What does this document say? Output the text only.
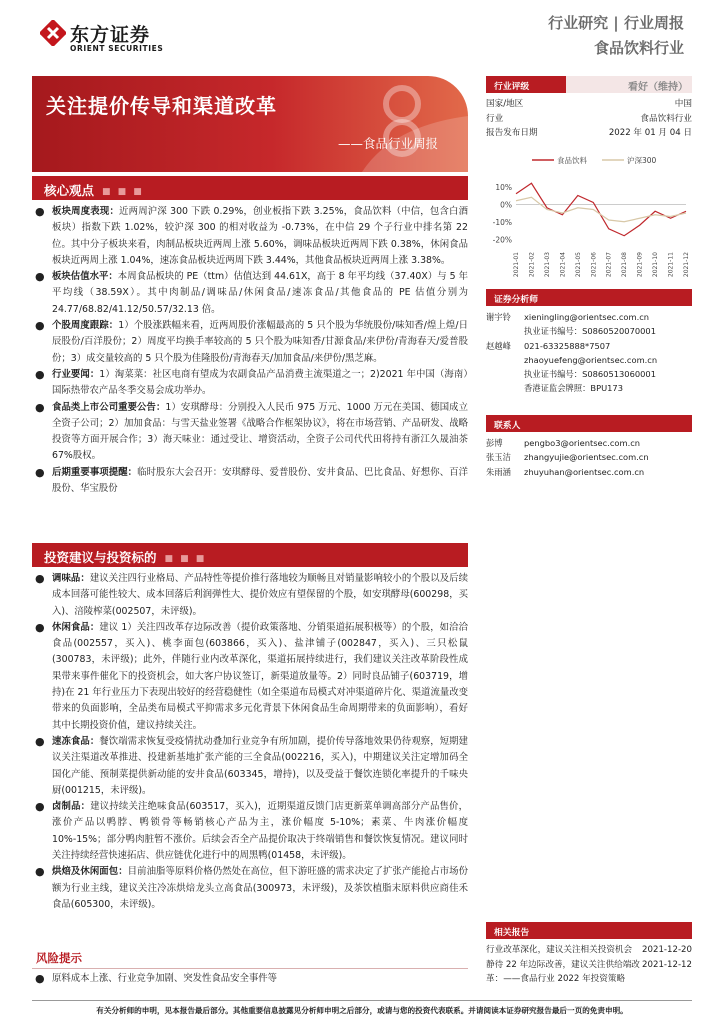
东方证券
ORIENT SECURITIES
行业研究 | 行业周报
食品饮料行业
关注提价传导和渠道改革
——食品行业周报
核心观点 ■ ■ ■
● 板块周度表现：近两周沪深 300 下跌 0.29%，创业板指下跌 3.25%，食品饮料（中信，包含白酒板块）指数下跌 1.02%，较沪深 300 的相对收益为 -0.73%，在中信 29 个子行业中排名第 22 位。其中分子板块来看，肉制品板块近两周上涨 5.60%，调味品板块近两周下跌 0.38%，休闲食品板块近两周上涨 1.04%，速冻食品板块近两周下跌 3.44%，其他食品板块近两周上涨 3.38%。
● 板块估值水平：本周食品板块的 PE（ttm）估值达到 44.61X，高于 8 年平均线（37.40X）与 5 年平均线（38.59X）。其中肉制品/调味品/休闲食品/速冻食品/其他食品的 PE 估值分别为 24.77/68.82/41.12/50.57/32.13 倍。
● 个股周度跟踪：1）个股涨跌幅来看，近两周股价涨幅最高的 5 只个股为华统股份/味知香/煌上煌/日辰股份/百洋股份；2）周度平均换手率较高的 5 只个股为味知香/甘源食品/来伊份/青海春天/爱普股份；3）成交量较高的 5 只个股为佳隆股份/青海春天/加加食品/来伊份/黑芝麻。
● 行业要闻：1）淘菜菜：社区电商有望成为农副食品产品消费主流渠道之一；2)2021 年中国（海南）国际热带农产品冬季交易会成功举办。
● 食品类上市公司重要公告：1）安琪酵母：分别投入人民币 975 万元、1000 万元在美国、德国成立全资子公司；2）加加食品：与雪天盐业签署《战略合作框架协议》，将在市场营销、产品研发、战略投资等方面开展合作；3）海天味业：通过受让、增资活动，全资子公司代代田将持有浙江久晟油茶 67%股权。
● 后期重要事项提醒：临时股东大会召开：安琪酵母、爱普股份、安井食品、巴比食品、好想你、百洋股份、华宝股份
投资建议与投资标的 ■ ■ ■
● 调味品：建议关注四行业格局、产品特性等提价推行落地较为顺畅且对销量影响较小的个股以及后续成本回落可能性较大、成本回落后利润弹性大、提价效应有望保留的个股，如安琪酵母(600298，买入)、涪陵榨菜(002507，未评级)。
● 休闲食品：建议 1）关注四改革存边际改善（提价政策落地、分销渠道拓展积极等）的个股，如洽洽食品(002557，买入)、桃李面包(603866，买入)、盐津铺子(002847，买入)、三只松鼠(300783，未评级)；此外，伴随行业内改革深化，渠道拓展持续进行，我们建议关注改革阶段性成果带来事件催化下的投资机会，如大客户协议签订，新渠道放量等。2）同时良品铺子(603719，增持)在 21 年行业压力下表现出较好的经营稳健性（如全渠道布局模式对冲渠道碎片化、渠道流量改变带来的负面影响，全品类布局模式平抑需求多元化背景下休闲食品生命周期带来的负面影响），看好其中长期投资价值，建议持续关注。
● 速冻食品：餐饮端需求恢复受疫情扰动叠加行业竞争有所加剧，提价传导落地效果仍待观察，短期建议关注渠道改革推进、投建新基地扩张产能的三全食品(002216，买入)，中期建议关注定增加码全国化产能、预制菜提供新动能的安井食品(603345，增持)，以及受益于餐饮连锁化率提升的千味央厨(001215，未评级)。
● 卤制品：建议持续关注绝味食品(603517，买入)，近期渠道反馈门店更新菜单调高部分产品售价，涨价产品以鸭脖、鸭锁骨等畅销核心产品为主，涨价幅度 5-10%；素菜、牛肉涨价幅度 10%-15%；部分鸭肉脏暂不涨价。后续会否全产品提价取决于终端销售和餐饮恢复情况。建议同时关注持续经营快速拓店、供应链优化进行中的周黑鸭(01458，未评级)。
● 烘焙及休闲面包：目前油脂等原料价格仍然处在高位，但下游旺盛的需求决定了扩张产能抢占市场份额为行业主线，建议关注冷冻烘焙龙头立高食品(300973，未评级)，及茶饮植脂末原料供应商佳禾食品(605300，未评级)。
风险提示
● 原料成本上涨、行业竞争加剧、突发性食品安全事件等
行业评级	看好（维持）
国家/地区	中国
行业	食品饮料行业
报告发布日期	2022 年 01 月 04 日
食品饮料	沪深300
10%
0%
-10%
-20%
2021-01 2021-02 2021-03 2021-04 2021-05 2021-06 2021-07 2021-08 2021-09 2021-10 2021-11 2021-12
证券分析师
谢宇铃 xieningling@orientsec.com.cn
执业证书编号：S0860520070001
赵越峰 021-63325888*7507
zhaoyuefeng@orientsec.com.cn
执业证书编号：S0860513060001
香港证监会牌照：BPU173
联系人
彭博	pengbo3@orientsec.com.cn
张玉洁 zhangyujie@orientsec.com.cn
朱雨涵 zhuyuhan@orientsec.com.cn
相关报告
行业改革深化，建议关注相关投资机会 2021-12-20
静待 22 年边际改善，建议关注供给端改 2021-12-12
革：——食品行业 2022 年投资策略
有关分析师的申明，见本报告最后部分。其他重要信息披露见分析师申明之后部分，或请与您的投资代表联系。并请阅读本证券研究报告最后一页的免责申明。
